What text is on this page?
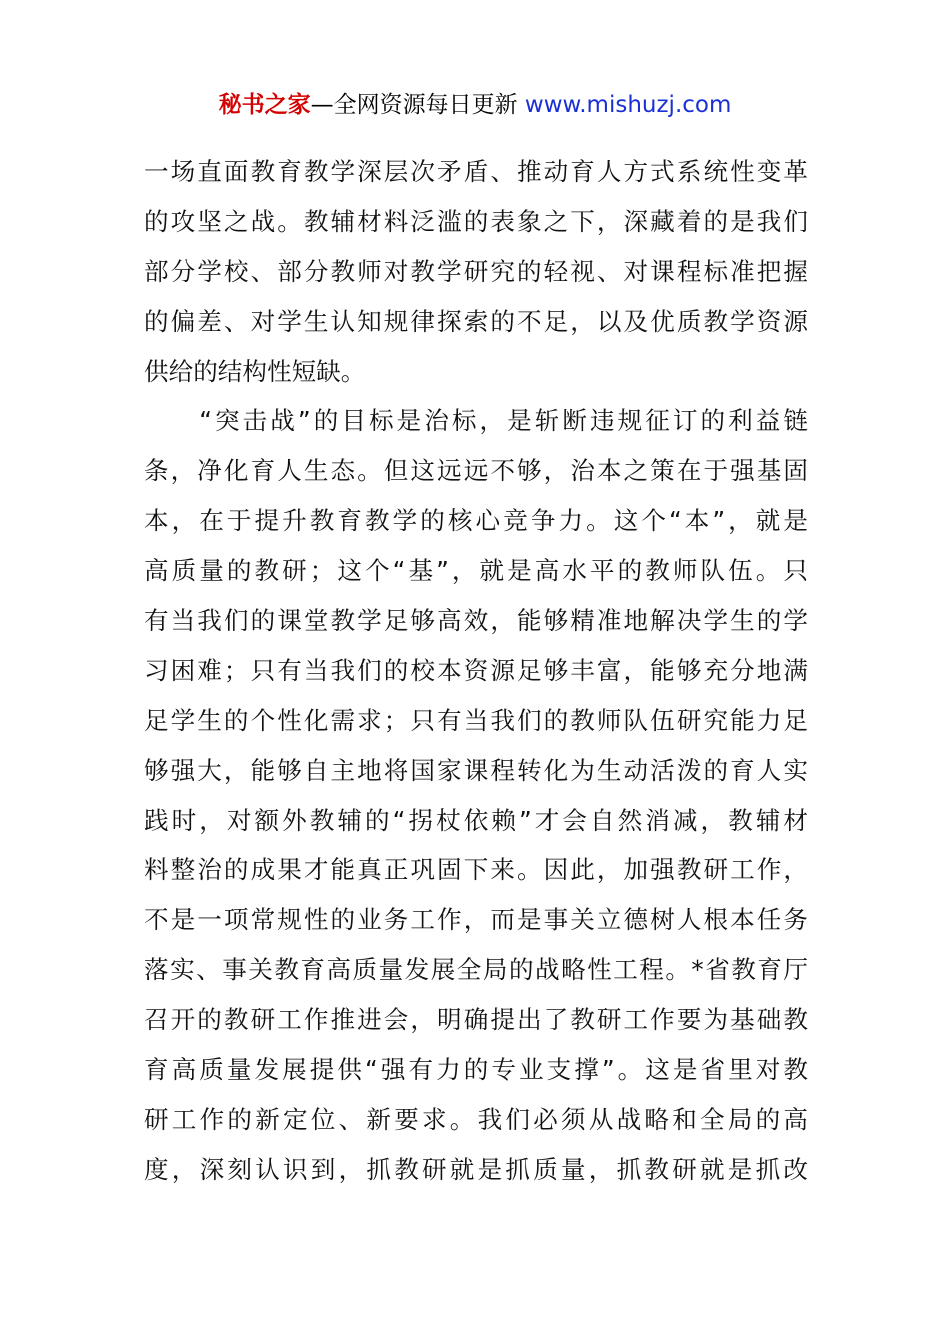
秘书之家—全网资源每日更新 www.mishuzj.com
一场直面教育教学深层次矛盾、推动育人方式系统性变革
的攻坚之战。教辅材料泛滥的表象之下，深藏着的是我们
部分学校、部分教师对教学研究的轻视、对课程标准把握
的偏差、对学生认知规律探索的不足，以及优质教学资源
供给的结构性短缺。
　　“突击战”的目标是治标，是斩断违规征订的利益链
条，净化育人生态。但这远远不够，治本之策在于强基固
本，在于提升教育教学的核心竞争力。这个“本”，就是
高质量的教研；这个“基”，就是高水平的教师队伍。只
有当我们的课堂教学足够高效，能够精准地解决学生的学
习困难；只有当我们的校本资源足够丰富，能够充分地满
足学生的个性化需求；只有当我们的教师队伍研究能力足
够强大，能够自主地将国家课程转化为生动活泼的育人实
践时，对额外教辅的“拐杖依赖”才会自然消减，教辅材
料整治的成果才能真正巩固下来。因此，加强教研工作，
不是一项常规性的业务工作，而是事关立德树人根本任务
落实、事关教育高质量发展全局的战略性工程。*省教育厅
召开的教研工作推进会，明确提出了教研工作要为基础教
育高质量发展提供“强有力的专业支撑”。这是省里对教
研工作的新定位、新要求。我们必须从战略和全局的高
度，深刻认识到，抓教研就是抓质量，抓教研就是抓改
